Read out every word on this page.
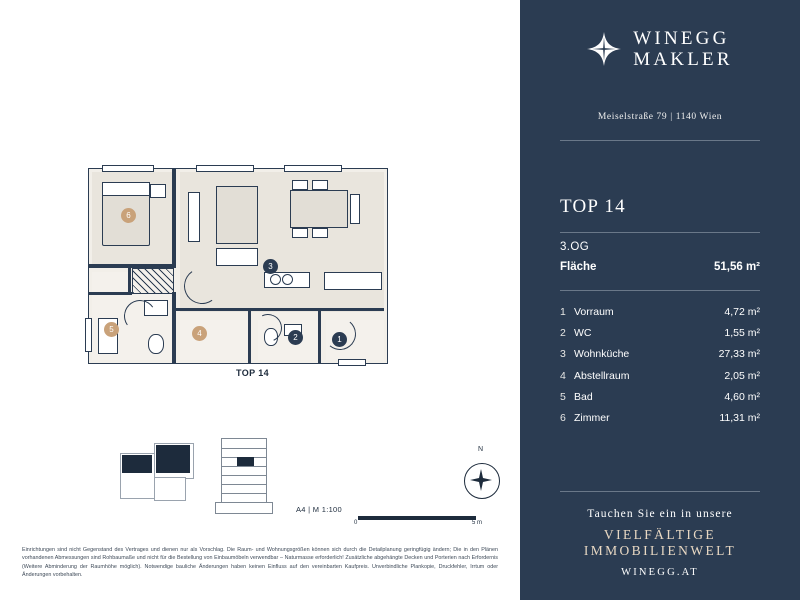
6
3
5	4	2	1
TOP 14
A4 | M 1:100
0	5 m
N
Einrichtungen sind nicht Gegenstand des Vertrages und dienen nur als Vorschlag. Die Raum- und Wohnungsgrößen können sich durch die Detailplanung geringfügig ändern; Die in den Plänen vorhandenen Abmessungen sind Rohbaumaße und nicht für die Bestellung von Einbaumöbeln verwendbar – Naturmasse erforderlich! Zusätzliche abgehängte Decken und Porterien nach Erfordernis (Weitere Abminderung der Raumhöhe möglich). Notwendige bauliche Änderungen haben keinen Einfluss auf den vereinbarten Kaufpreis. Unverbindliche Plankopie, Druckfehler, Irrtum oder Änderungen vorbehalten.
WINEGG
MAKLER
Meiselstraße 79 | 1140 Wien
TOP 14
3.OG
Fläche	51,56 m²
1 Vorraum	4,72 m²
2 WC	1,55 m²
3 Wohnküche	27,33 m²
4 Abstellraum	2,05 m²
5 Bad	4,60 m²
6 Zimmer	11,31 m²
Tauchen Sie ein in unsere
VIELFÄLTIGE
IMMOBILIENWELT
WINEGG.AT
